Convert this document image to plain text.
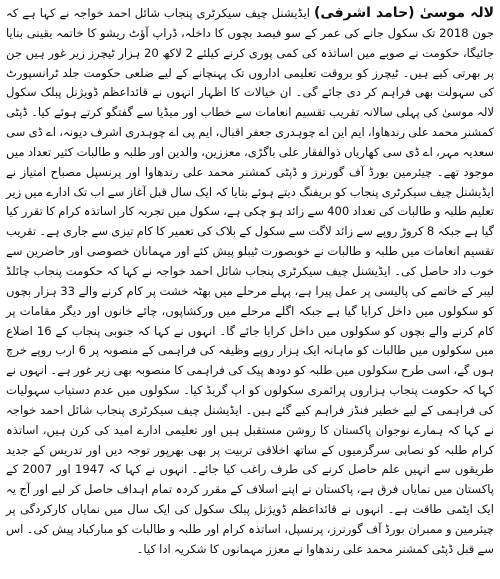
لالہ موسیٰ (حامد اشرفی) ایڈیشنل چیف سیکرٹری پنجاب شائل احمد خواجہ نے کہا ہے کہ جون 2018 تک سکول جانے کی عمر کے سو فیصد بچوں کا داخلہ، ڈراپ آؤٹ ریشو کا خاتمہ یقینی بنایا جائیگا، حکومت نے صوبے میں اساتذہ کی کمی پوری کرنے کیلئے 2 لاکھ 20 ہزار ٹیچرز زیر غور ہیں جن پر بھرتی کیے ہیں۔ ٹیچرز کو بروقت تعلیمی اداروں تک پہنچانے کے لیے ضلعی حکومت جلد ٹرانسپورٹ کی سہولت بھی فراہم کر دی جائے گی۔ ان خیالات کا اظہار انہوں نے قائداعظم ڈویژنل پبلک سکول لالہ موسیٰ کی پہلی سالانہ تقریب تقسیم انعامات سے خطاب اور میڈیا سے گفتگو کرتے ہوئے کیا۔ ڈپٹی کمشنر محمد علی رندھاوا، ایم این اے چوہدری جعفر اقبال، ایم پی اے چوہدری اشرف دیونہ، اے ڈی سی سعدیہ مہر، اے ڈی سی کھاریاں ذوالفقار علی باگڑی، معززین، والدین اور طلبہ و طالبات کثیر تعداد میں موجود تھے۔ چیئرمین بورڈ آف گورنرز و ڈپٹی کمشنر محمد علی رندھاوا اور پرنسپل مصباح امتیاز نے ایڈیشنل چیف سیکرٹری پنجاب کو بریفنگ دیتے ہوئے بتایا کہ ایک سال قبل آغاز سے اب تک ادارے میں زیر تعلیم طلبہ و طالبات کی تعداد 400 سے زائد ہو چکی ہے، سکول میں تجربہ کار اساتذہ کرام کا تقرر کیا گیا ہے جبکہ 8 کروڑ روپے سے زائد لاگت سے سکول کے بلاک کی تعمیر کا کام تیزی سے جاری ہے۔ تقریب تقسیم انعامات میں طلبہ و طالبات نے خوبصورت ٹیبلو پیش کئے اور مہمانان خصوصی اور حاضرین سے خوب داد حاصل کی۔ ایڈیشنل چیف سیکرٹری پنجاب شائل احمد خواجہ نے کہا کہ حکومت پنجاب چائلڈ لیبر کے خاتمے کی پالیسی پر عمل پیرا ہے، پہلے مرحلے میں بھٹہ خشت پر کام کرنے والے 33 ہزار بچوں کو سکولوں میں داخل کرایا گیا ہے جبکہ اگلے مرحلے میں ورکشاپوں، چائے خانوں اور دیگر مقامات پر کام کرنے والے بچوں کو سکولوں میں داخل کرایا جائے گا۔ انہوں نے کہا کہ جنوبی پنجاب کے 16 اضلاع میں سکولوں میں طالبات کو ماہانہ ایک ہزار روپے وظیفہ کی فراہمی کے منصوبہ پر 6 ارب روپے خرچ ہوں گے، اسی طرح سکولوں میں طلبہ کو دودھ پیک کی فراہمی کا منصوبہ بھی زیر غور ہے۔ انہوں نے کہا کہ حکومت پنجاب ہزاروں پرائمری سکولوں کو اپ گریڈ کیا۔ سکولوں میں عدم دستیاب سہولیات کی فراہمی کے لیے خطیر فنڈز فراہم کیے گئے ہیں۔ ایڈیشنل چیف سیکرٹری پنجاب شائل احمد خواجہ نے کہا کہ ہمارے نوجوان پاکستان کا روشن مستقبل ہیں اور تعلیمی ادارے امید کی کرن ہیں، اساتذہ کرام طلبہ کو نصابی سرگرمیوں کے ساتھ اخلاقی تربیت پر بھی بھرپور توجہ دیں اور تدریس کے جدید طریقوں سے انہیں علم حاصل کرنے کی طرف راغب کیا جائے۔ انہوں نے کہا کہ 1947 اور 2007 کے پاکستان میں نمایاں فرق ہے، پاکستان نے اپنے اسلاف کے مقرر کردہ تمام اہداف حاصل کر لیے اور آج یہ ایک ایٹمی طاقت ہے۔ انہوں نے قائداعظم ڈویژنل پبلک سکول کی ایک سال میں نمایاں کارکردگی پر چیئرمین و ممبران بورڈ آف گورنرز، پرنسپل، اساتذہ کرام اور طلبہ و طالبات کو مبارکباد پیش کی۔ اس سے قبل ڈپٹی کمشنر محمد علی رندھاوا نے معزز مہمانوں کا شکریہ ادا کیا۔
